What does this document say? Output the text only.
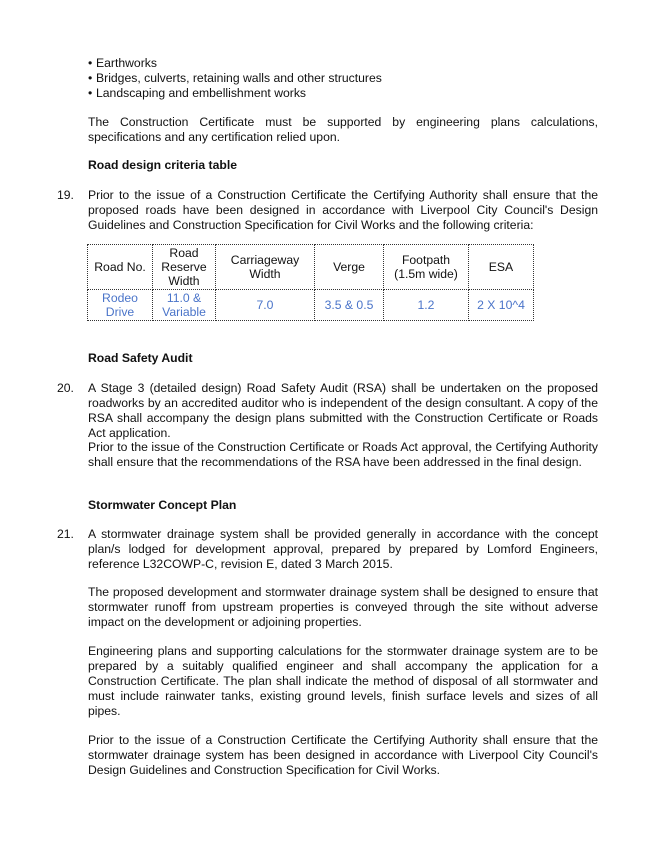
• Earthworks
• Bridges, culverts, retaining walls and other structures
• Landscaping and embellishment works
The Construction Certificate must be supported by engineering plans calculations, specifications and any certification relied upon.
Road design criteria table
19. Prior to the issue of a Construction Certificate the Certifying Authority shall ensure that the proposed roads have been designed in accordance with Liverpool City Council's Design Guidelines and Construction Specification for Civil Works and the following criteria:
Road No.	Road Reserve Width	Carriageway Width	Verge	Footpath (1.5m wide)	ESA
Rodeo Drive	11.0 & Variable	7.0	3.5 & 0.5	1.2	2 X 10^4
Road Safety Audit
20. A Stage 3 (detailed design) Road Safety Audit (RSA) shall be undertaken on the proposed roadworks by an accredited auditor who is independent of the design consultant. A copy of the RSA shall accompany the design plans submitted with the Construction Certificate or Roads Act application.
Prior to the issue of the Construction Certificate or Roads Act approval, the Certifying Authority shall ensure that the recommendations of the RSA have been addressed in the final design.
Stormwater Concept Plan
21. A stormwater drainage system shall be provided generally in accordance with the concept plan/s lodged for development approval, prepared by prepared by Lomford Engineers, reference L32COWP-C, revision E, dated 3 March 2015.
The proposed development and stormwater drainage system shall be designed to ensure that stormwater runoff from upstream properties is conveyed through the site without adverse impact on the development or adjoining properties.
Engineering plans and supporting calculations for the stormwater drainage system are to be prepared by a suitably qualified engineer and shall accompany the application for a Construction Certificate. The plan shall indicate the method of disposal of all stormwater and must include rainwater tanks, existing ground levels, finish surface levels and sizes of all pipes.
Prior to the issue of a Construction Certificate the Certifying Authority shall ensure that the stormwater drainage system has been designed in accordance with Liverpool City Council's Design Guidelines and Construction Specification for Civil Works.
